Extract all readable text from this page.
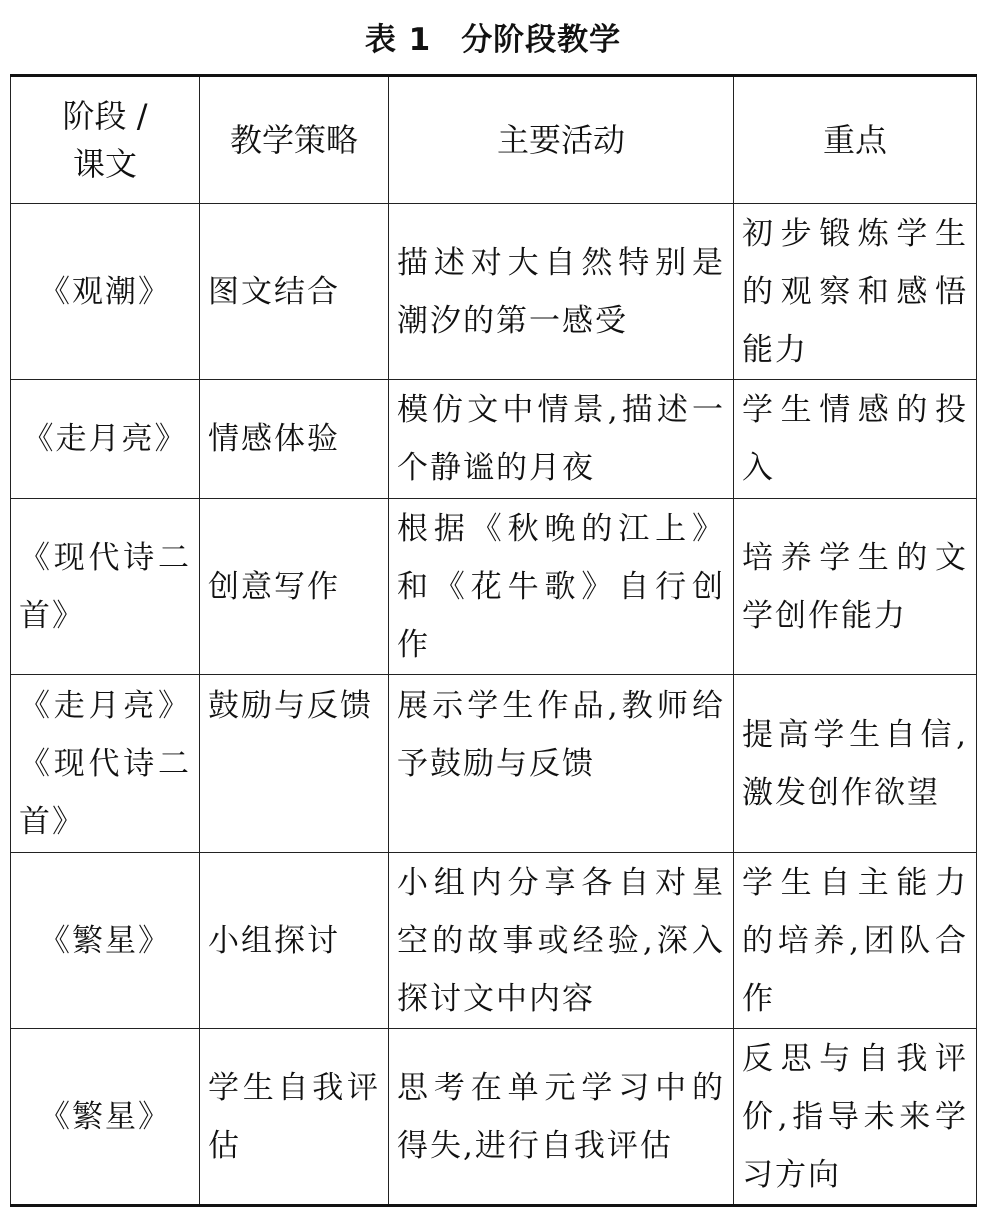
表 1 分阶段教学
阶段 /
课文	教学策略	主要活动	重点
《观潮》	图文结合	描述对大自然特别是潮汐的第一感受	初步锻炼学生的观察和感悟能力
《走月亮》	情感体验	模仿文中情景,描述一个静谧的月夜	学生情感的投入
《现代诗二首》	创意写作	根据《秋晚的江上》和《花牛歌》自行创作	培养学生的文学创作能力
《走月亮》《现代诗二首》	鼓励与反馈	展示学生作品,教师给予鼓励与反馈	提高学生自信,激发创作欲望
《繁星》	小组探讨	小组内分享各自对星空的故事或经验,深入探讨文中内容	学生自主能力的培养,团队合作
《繁星》	学生自我评估	思考在单元学习中的得失,进行自我评估	反思与自我评价,指导未来学习方向
